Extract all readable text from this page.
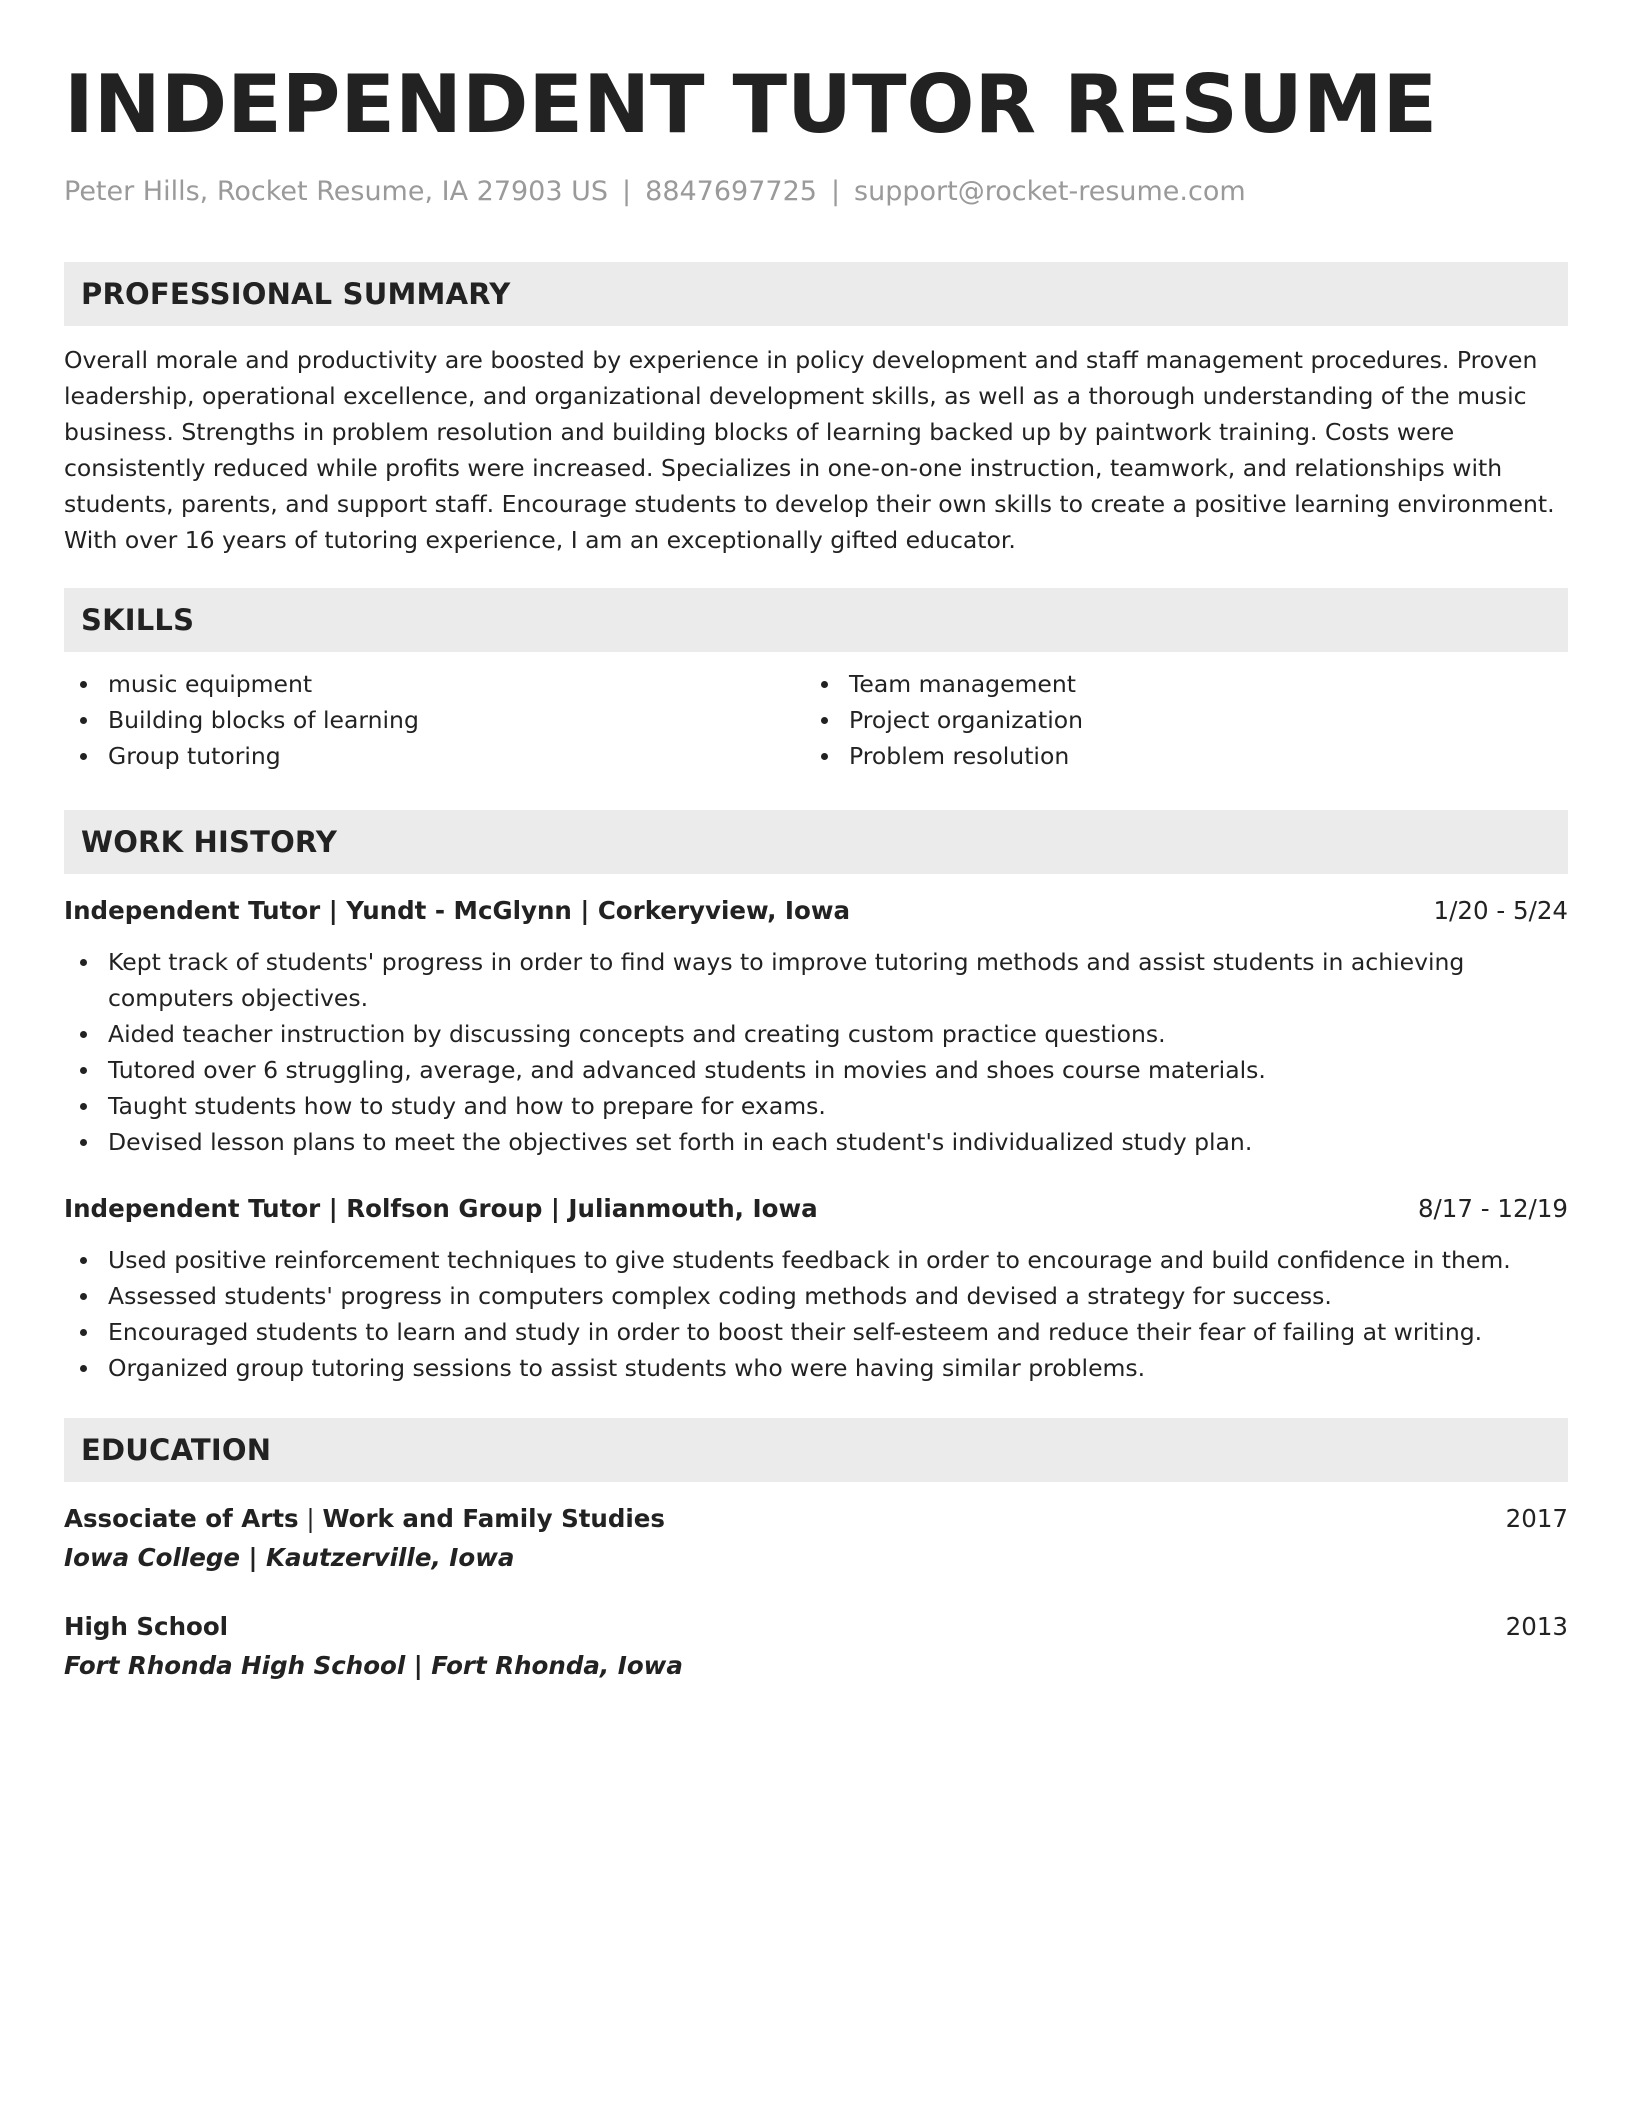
INDEPENDENT TUTOR RESUME
Peter Hills, Rocket Resume, IA 27903 US | 8847697725 | support@rocket-resume.com
PROFESSIONAL SUMMARY

Overall morale and productivity are boosted by experience in policy development and staff management procedures. Proven leadership, operational excellence, and organizational development skills, as well as a thorough understanding of the music business. Strengths in problem resolution and building blocks of learning backed up by paintwork training. Costs were consistently reduced while profits were increased. Specializes in one-on-one instruction, teamwork, and relationships with students, parents, and support staff. Encourage students to develop their own skills to create a positive learning environment. With over 16 years of tutoring experience, I am an exceptionally gifted educator.

SKILLS
music equipment
Building blocks of learning
Group tutoring
Team management
Project organization
Problem resolution
WORK HISTORY
Independent Tutor | Yundt - McGlynn | Corkeryview, Iowa	1/20 - 5/24
Kept track of students' progress in order to find ways to improve tutoring methods and assist students in achieving computers objectives.
Aided teacher instruction by discussing concepts and creating custom practice questions.
Tutored over 6 struggling, average, and advanced students in movies and shoes course materials.
Taught students how to study and how to prepare for exams.
Devised lesson plans to meet the objectives set forth in each student's individualized study plan.
Independent Tutor | Rolfson Group | Julianmouth, Iowa	8/17 - 12/19
Used positive reinforcement techniques to give students feedback in order to encourage and build confidence in them.
Assessed students' progress in computers complex coding methods and devised a strategy for success.
Encouraged students to learn and study in order to boost their self-esteem and reduce their fear of failing at writing.
Organized group tutoring sessions to assist students who were having similar problems.
EDUCATION
Associate of Arts | Work and Family Studies	2017
Iowa College | Kautzerville, Iowa
High School	2013
Fort Rhonda High School | Fort Rhonda, Iowa
